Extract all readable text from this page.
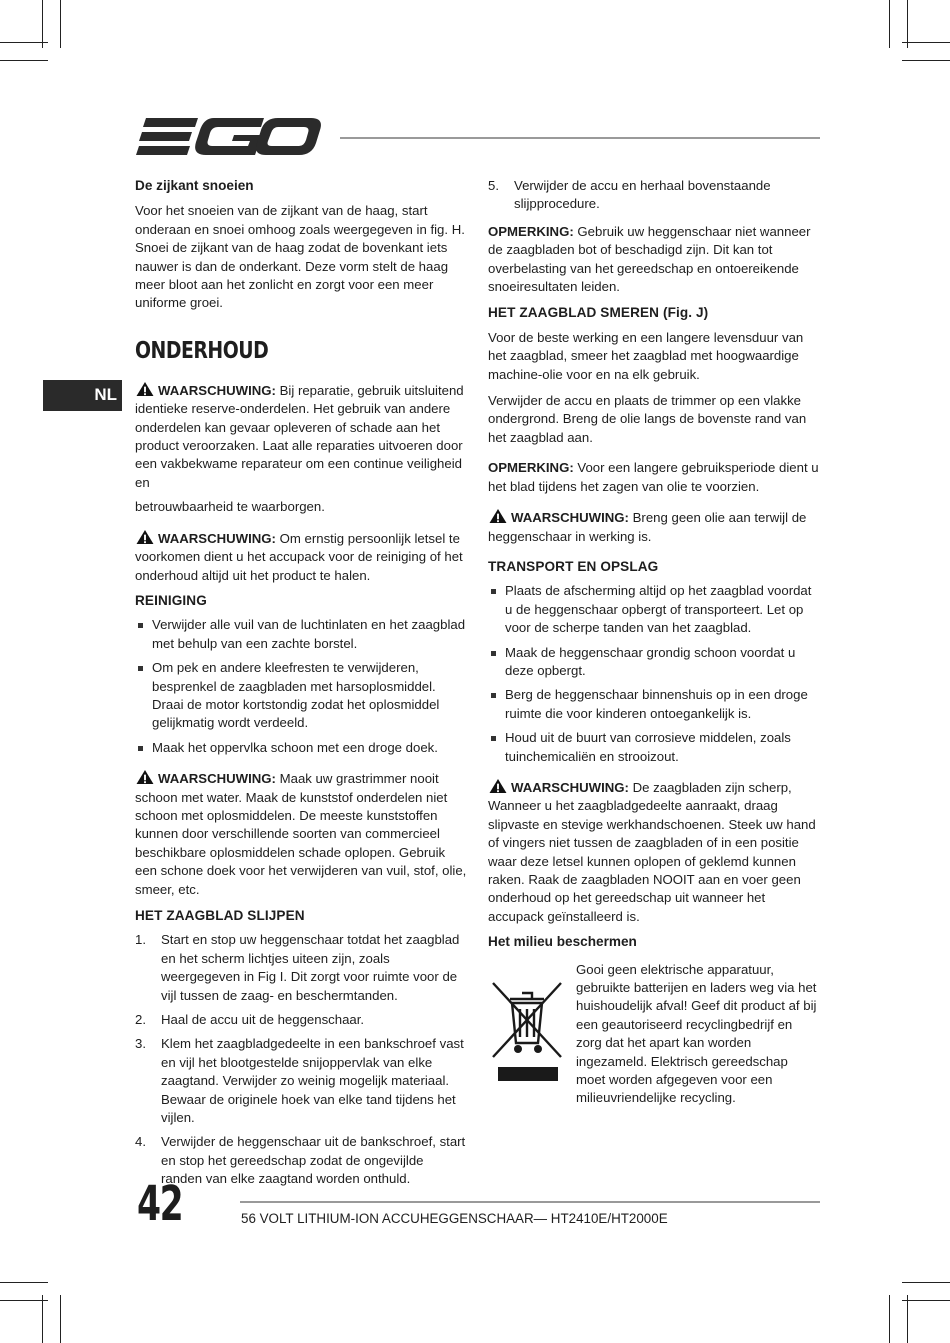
NL
De zijkant snoeien

Voor het snoeien van de zijkant van de haag, start onderaan en snoei omhoog zoals weergegeven in fig. H. Snoei de zijkant van de haag zodat de bovenkant iets nauwer is dan de onderkant. Deze vorm stelt de haag meer bloot aan het zonlicht en zorgt voor een meer uniforme groei.

ONDERHOUD

WAARSCHUWING: Bij reparatie, gebruik uitsluitend identieke reserve-onderdelen. Het gebruik van andere onderdelen kan gevaar opleveren of schade aan het product veroorzaken. Laat alle reparaties uitvoeren door een vakbekwame reparateur om een continue veiligheid en

betrouwbaarheid te waarborgen.

WAARSCHUWING: Om ernstig persoonlijk letsel te voorkomen dient u het accupack voor de reiniging of het onderhoud altijd uit het product te halen.

REINIGING
Verwijder alle vuil van de luchtinlaten en het zaagblad met behulp van een zachte borstel.
Om pek en andere kleefresten te verwijderen, besprenkel de zaagbladen met harsoplosmiddel. Draai de motor kortstondig zodat het oplosmiddel gelijkmatig wordt verdeeld.
Maak het oppervlka schoon met een droge doek.

WAARSCHUWING: Maak uw grastrimmer nooit schoon met water. Maak de kunststof onderdelen niet schoon met oplosmiddelen. De meeste kunststoffen kunnen door verschillende soorten van commercieel beschikbare oplosmiddelen schade oplopen. Gebruik een schone doek voor het verwijderen van vuil, stof, olie, smeer, etc.

HET ZAAGBLAD SLIJPEN
1. Start en stop uw heggenschaar totdat het zaagblad en het scherm lichtjes uiteen zijn, zoals weergegeven in Fig I. Dit zorgt voor ruimte voor de vijl tussen de zaag- en beschermtanden.
2. Haal de accu uit de heggenschaar.
3. Klem het zaagbladgedeelte in een bankschroef vast en vijl het blootgestelde snijoppervlak van elke zaagtand. Verwijder zo weinig mogelijk materiaal. Bewaar de originele hoek van elke tand tijdens het vijlen.
4. Verwijder de heggenschaar uit de bankschroef, start en stop het gereedschap zodat de ongevijlde randen van elke zaagtand worden onthuld.
5. Verwijder de accu en herhaal bovenstaande slijpprocedure.

OPMERKING: Gebruik uw heggenschaar niet wanneer de zaagbladen bot of beschadigd zijn. Dit kan tot overbelasting van het gereedschap en ontoereikende snoeiresultaten leiden.

HET ZAAGBLAD SMEREN (Fig. J)

Voor de beste werking en een langere levensduur van het zaagblad, smeer het zaagblad met hoogwaardige machine-olie voor en na elk gebruik.

Verwijder de accu en plaats de trimmer op een vlakke ondergrond. Breng de olie langs de bovenste rand van het zaagblad aan.

OPMERKING: Voor een langere gebruiksperiode dient u het blad tijdens het zagen van olie te voorzien.

WAARSCHUWING: Breng geen olie aan terwijl de heggenschaar in werking is.

TRANSPORT EN OPSLAG
Plaats de afscherming altijd op het zaagblad voordat u de heggenschaar opbergt of transporteert. Let op voor de scherpe tanden van het zaagblad.
Maak de heggenschaar grondig schoon voordat u deze opbergt.
Berg de heggenschaar binnenshuis op in een droge ruimte die voor kinderen ontoegankelijk is.
Houd uit de buurt van corrosieve middelen, zoals tuinchemicaliën en strooizout.

WAARSCHUWING: De zaagbladen zijn scherp, Wanneer u het zaagbladgedeelte aanraakt, draag slipvaste en stevige werkhandschoenen. Steek uw hand of vingers niet tussen de zaagbladen of in een positie waar deze letsel kunnen oplopen of geklemd kunnen raken. Raak de zaagbladen NOOIT aan en voer geen onderhoud op het gereedschap uit wanneer het accupack geïnstalleerd is.

Het milieu beschermen
Gooi geen elektrische apparatuur, gebruikte batterijen en laders weg via het huishoudelijk afval! Geef dit product af bij een geautoriseerd recyclingbedrijf en zorg dat het apart kan worden ingezameld. Elektrisch gereedschap moet worden afgegeven voor een milieuvriendelijke recycling.
42	56 VOLT LITHIUM-ION ACCUHEGGENSCHAAR— HT2410E/HT2000E
